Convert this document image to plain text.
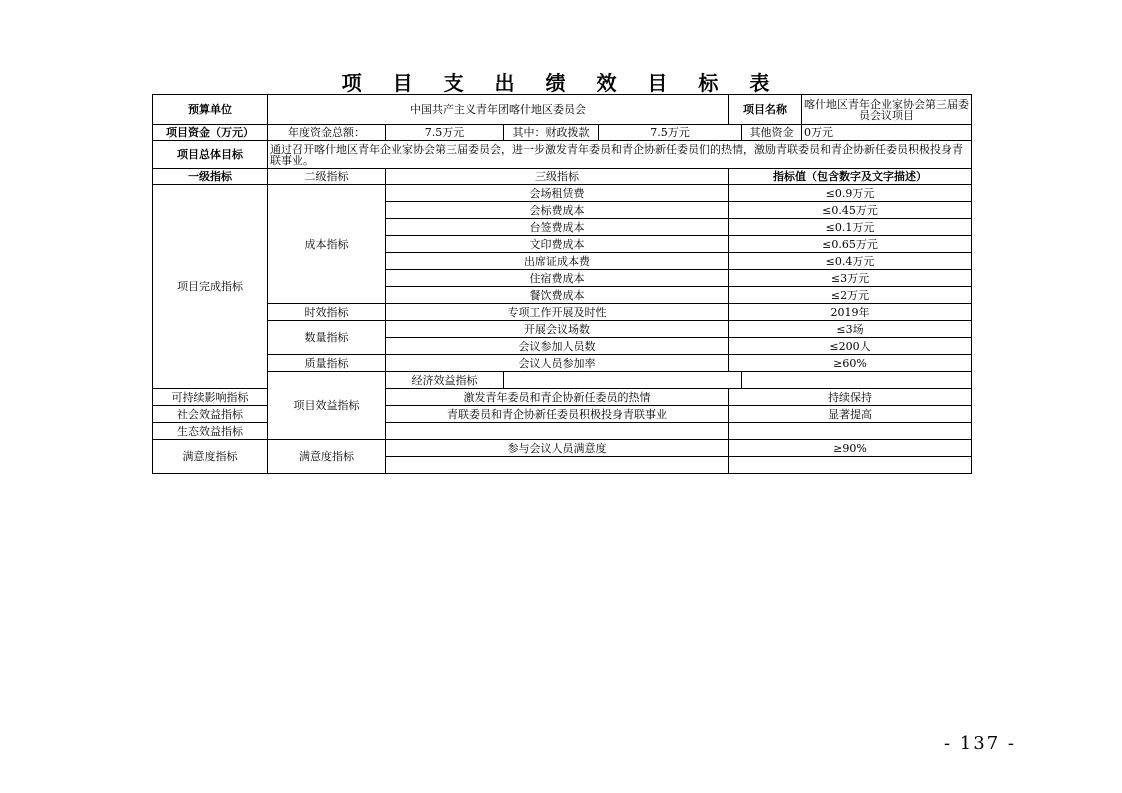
项 目 支 出 绩 效 目 标 表
预算单位	中国共产主义青年团喀什地区委员会				项目名称		喀什地区青年企业家协会第三届委员会议项目
项目资金（万元）	年度资金总额：	7.5万元	其中：财政拨款	7.5万元		其他资金	0万元
项目总体目标	通过召开喀什地区青年企业家协会第三届委员会，进一步激发青年委员和青企协新任委员们的热情，激励青联委员和青企协新任委员积极投身青联事业。						
一级指标	二级指标	三级指标			指标值（包含数字及文字描述）		
项目完成指标	成本指标	会场租赁费			≤0.9万元		
		会标费成本			≤0.45万元		
		台签费成本			≤0.1万元		
		文印费成本			≤0.65万元		
		出席证成本费			≤0.4万元		
		住宿费成本			≤3万元		
		餐饮费成本			≤2万元		
	时效指标	专项工作开展及时性			2019年		
	数量指标	开展会议场数			≤3场		
		会议参加人员数			≤200人		
	质量指标	会议人员参加率			≥60%		
	项目效益指标	经济效益指标					
可持续影响指标		激发青年委员和青企协新任委员的热情			持续保持		
社会效益指标		青联委员和青企协新任委员积极投身青联事业			显著提高		
生态效益指标							
满意度指标	满意度指标	参与会议人员满意度			≥90%		

- 137 -
